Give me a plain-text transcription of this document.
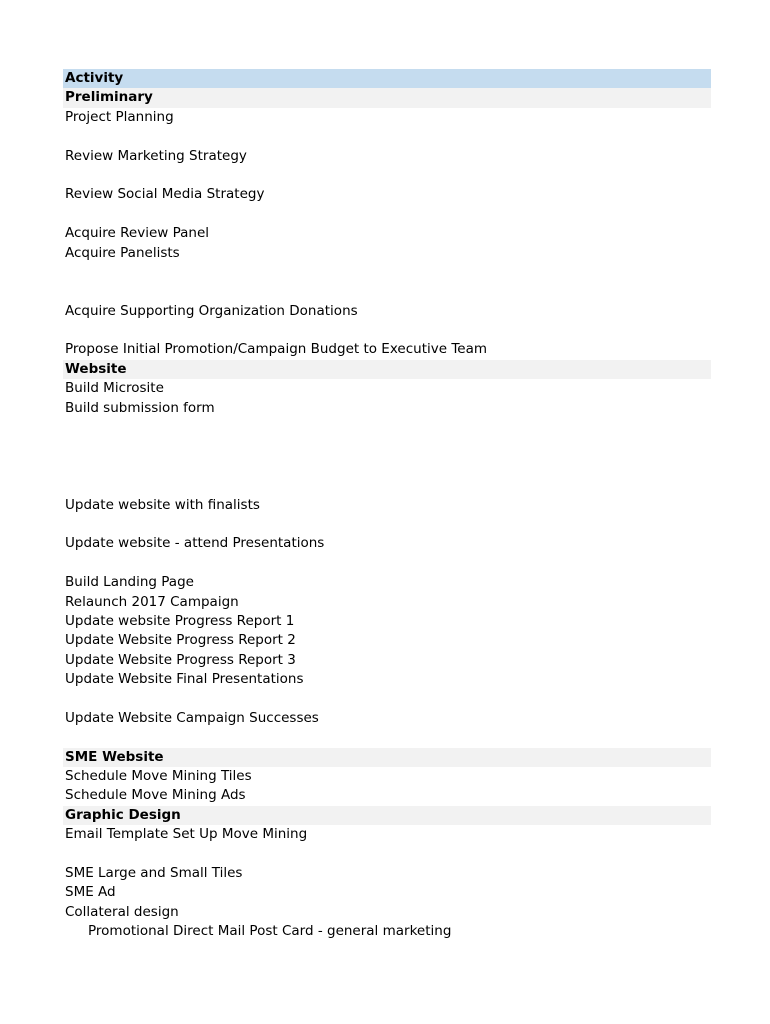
Activity
Preliminary
Project Planning
Review Marketing Strategy
Review Social Media Strategy
Acquire Review Panel
Acquire Panelists
Acquire Supporting Organization Donations
Propose Initial Promotion/Campaign Budget to Executive Team
Website
Build Microsite
Build submission form
Update website with finalists
Update website - attend Presentations
Build Landing Page
Relaunch 2017 Campaign
Update website Progress Report 1
Update Website Progress Report 2
Update Website Progress Report 3
Update Website Final Presentations
Update Website Campaign Successes
SME Website
Schedule Move Mining Tiles
Schedule Move Mining Ads
Graphic Design
Email Template Set Up Move Mining
SME Large and Small Tiles
SME Ad
Collateral design
Promotional Direct Mail Post Card - general marketing
